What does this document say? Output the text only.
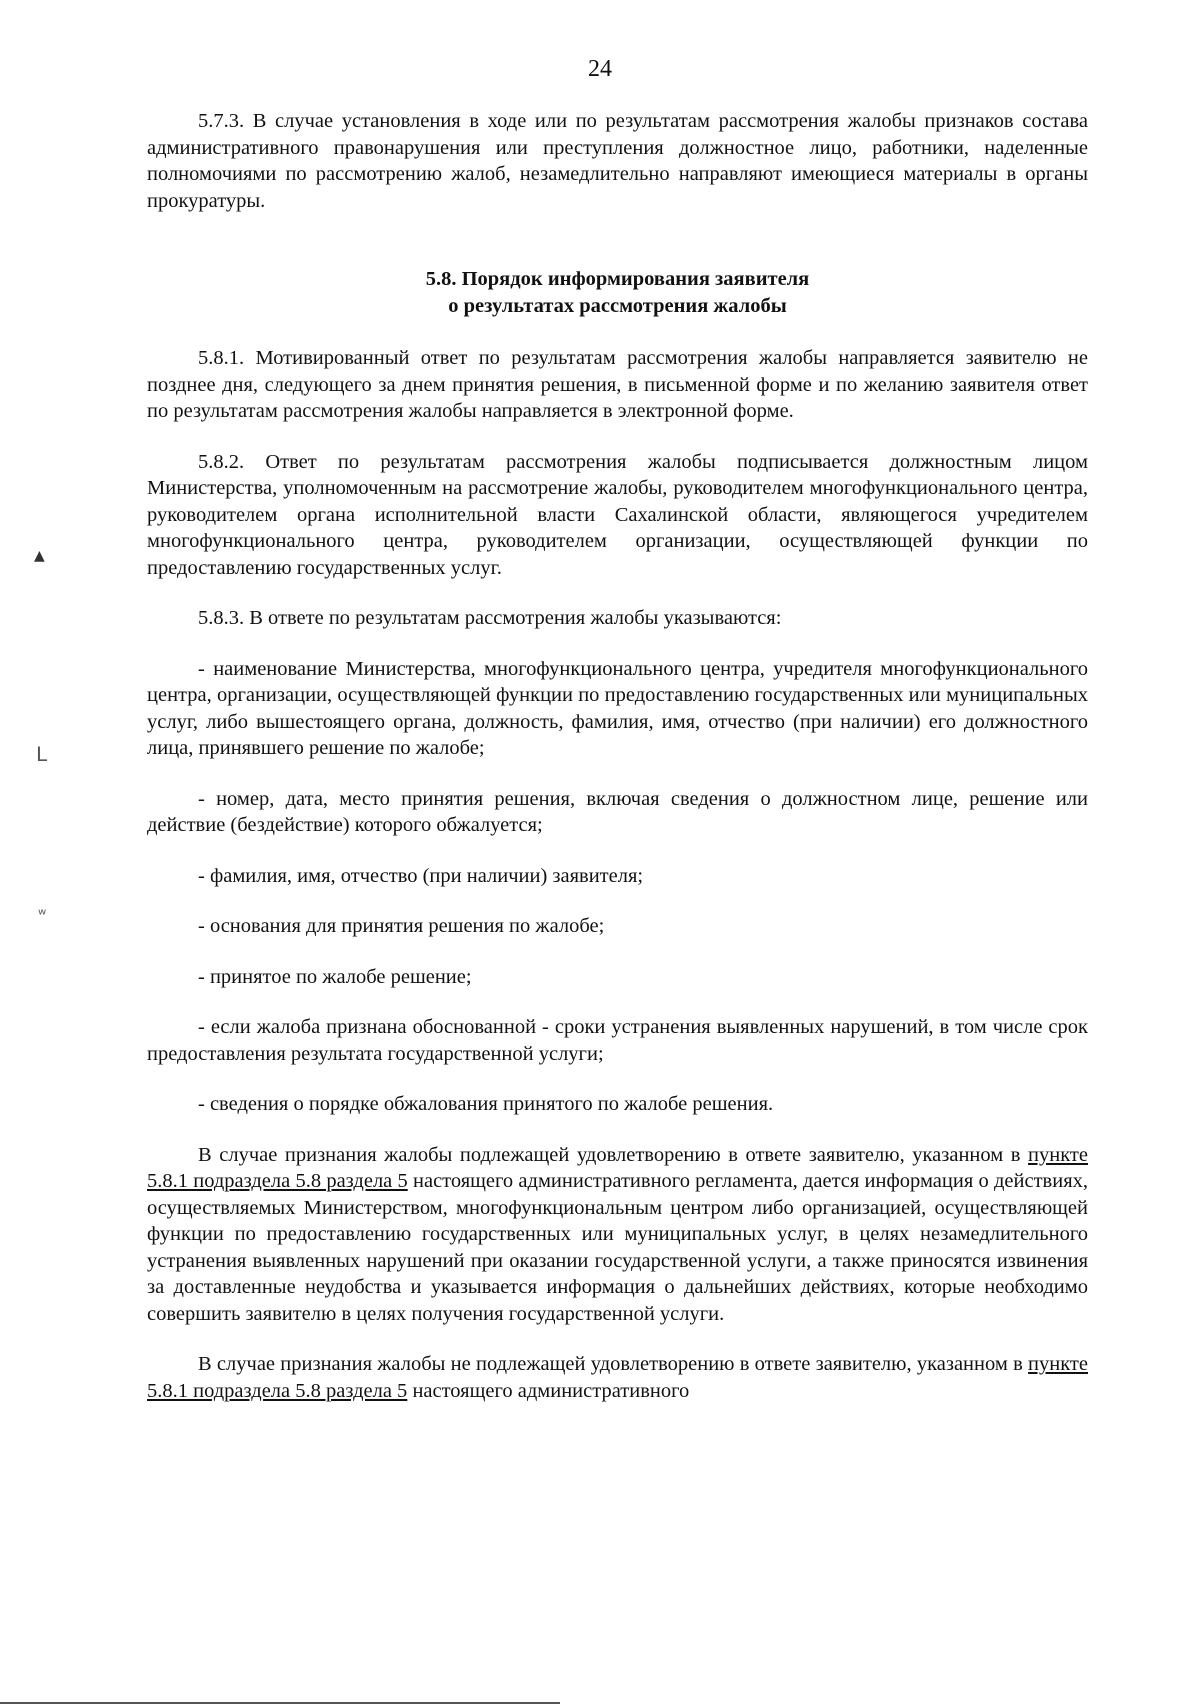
24

5.7.3. В случае установления в ходе или по результатам рассмотрения жалобы признаков состава административного правонарушения или преступления должностное лицо, работники, наделенные полномочиями по рассмотрению жалоб, незамедлительно направляют имеющиеся материалы в органы прокуратуры.

5.8. Порядок информирования заявителя
о результатах рассмотрения жалобы

5.8.1. Мотивированный ответ по результатам рассмотрения жалобы направляется заявителю не позднее дня, следующего за днем принятия решения, в письменной форме и по желанию заявителя ответ по результатам рассмотрения жалобы направляется в электронной форме.

5.8.2. Ответ по результатам рассмотрения жалобы подписывается должностным лицом Министерства, уполномоченным на рассмотрение жалобы, руководителем многофункционального центра, руководителем органа исполнительной власти Сахалинской области, являющегося учредителем многофункционального центра, руководителем организации, осуществляющей функции по предоставлению государственных услуг.

5.8.3. В ответе по результатам рассмотрения жалобы указываются:

- наименование Министерства, многофункционального центра, учредителя многофункционального центра, организации, осуществляющей функции по предоставлению государственных или муниципальных услуг, либо вышестоящего органа, должность, фамилия, имя, отчество (при наличии) его должностного лица, принявшего решение по жалобе;

- номер, дата, место принятия решения, включая сведения о должностном лице, решение или действие (бездействие) которого обжалуется;

- фамилия, имя, отчество (при наличии) заявителя;

- основания для принятия решения по жалобе;

- принятое по жалобе решение;

- если жалоба признана обоснованной - сроки устранения выявленных нарушений, в том числе срок предоставления результата государственной услуги;

- сведения о порядке обжалования принятого по жалобе решения.

В случае признания жалобы подлежащей удовлетворению в ответе заявителю, указанном в пункте 5.8.1 подраздела 5.8 раздела 5 настоящего административного регламента, дается информация о действиях, осуществляемых Министерством, многофункциональным центром либо организацией, осуществляющей функции по предоставлению государственных или муниципальных услуг, в целях незамедлительного устранения выявленных нарушений при оказании государственной услуги, а также приносятся извинения за доставленные неудобства и указывается информация о дальнейших действиях, которые необходимо совершить заявителю в целях получения государственной услуги.

В случае признания жалобы не подлежащей удовлетворению в ответе заявителю, указанном в пункте 5.8.1 подраздела 5.8 раздела 5 настоящего административного

▲
ᒪ
ʷ
